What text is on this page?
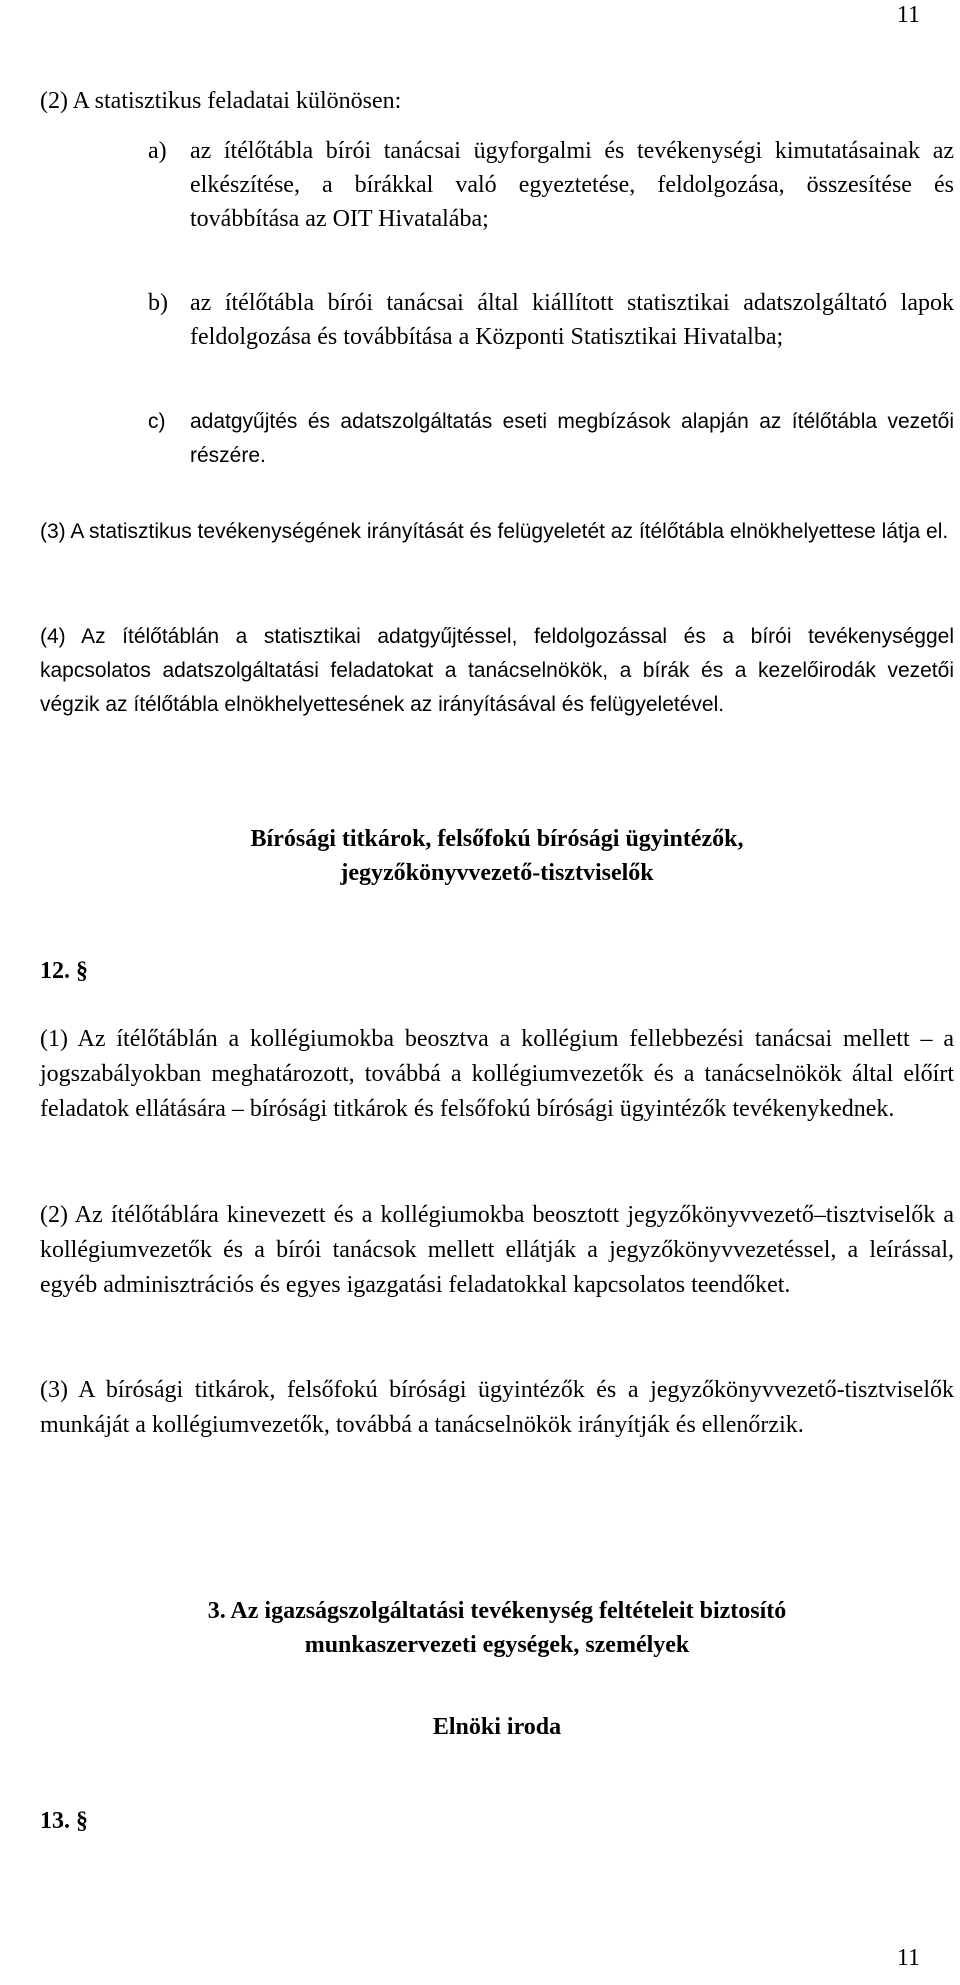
11
(2) A statisztikus feladatai különösen:
a) az ítélőtábla bírói tanácsai ügyforgalmi és tevékenységi kimutatásainak az elkészítése, a bírákkal való egyeztetése, feldolgozása, összesítése és továbbítása az OIT Hivatalába;
b) az ítélőtábla bírói tanácsai által kiállított statisztikai adatszolgáltató lapok feldolgozása és továbbítása a Központi Statisztikai Hivatalba;
c) adatgyűjtés és adatszolgáltatás eseti megbízások alapján az ítélőtábla vezetői részére.
(3) A statisztikus tevékenységének irányítását és felügyeletét az ítélőtábla elnökhelyettese látja el.
(4) Az ítélőtáblán a statisztikai adatgyűjtéssel, feldolgozással és a bírói tevékenységgel kapcsolatos adatszolgáltatási feladatokat a tanácselnökök, a bírák és a kezelőirodák vezetői végzik az ítélőtábla elnökhelyettesének az irányításával és felügyeletével.
Bírósági titkárok, felsőfokú bírósági ügyintézők,
jegyzőkönyvvezető-tisztviselők
12. §
(1) Az ítélőtáblán a kollégiumokba beosztva a kollégium fellebbezési tanácsai mellett – a jogszabályokban meghatározott, továbbá a kollégiumvezetők és a tanácselnökök által előírt feladatok ellátására – bírósági titkárok és felsőfokú bírósági ügyintézők tevékenykednek.
(2) Az ítélőtáblára kinevezett és a kollégiumokba beosztott jegyzőkönyvvezető–tisztviselők a kollégiumvezetők és a bírói tanácsok mellett ellátják a jegyzőkönyvvezetéssel, a leírással, egyéb adminisztrációs és egyes igazgatási feladatokkal kapcsolatos teendőket.
(3) A bírósági titkárok, felsőfokú bírósági ügyintézők és a jegyzőkönyvvezető-tisztviselők munkáját a kollégiumvezetők, továbbá a tanácselnökök irányítják és ellenőrzik.
3. Az igazságszolgáltatási tevékenység feltételeit biztosító
munkaszervezeti egységek, személyek
Elnöki iroda
13. §
11
